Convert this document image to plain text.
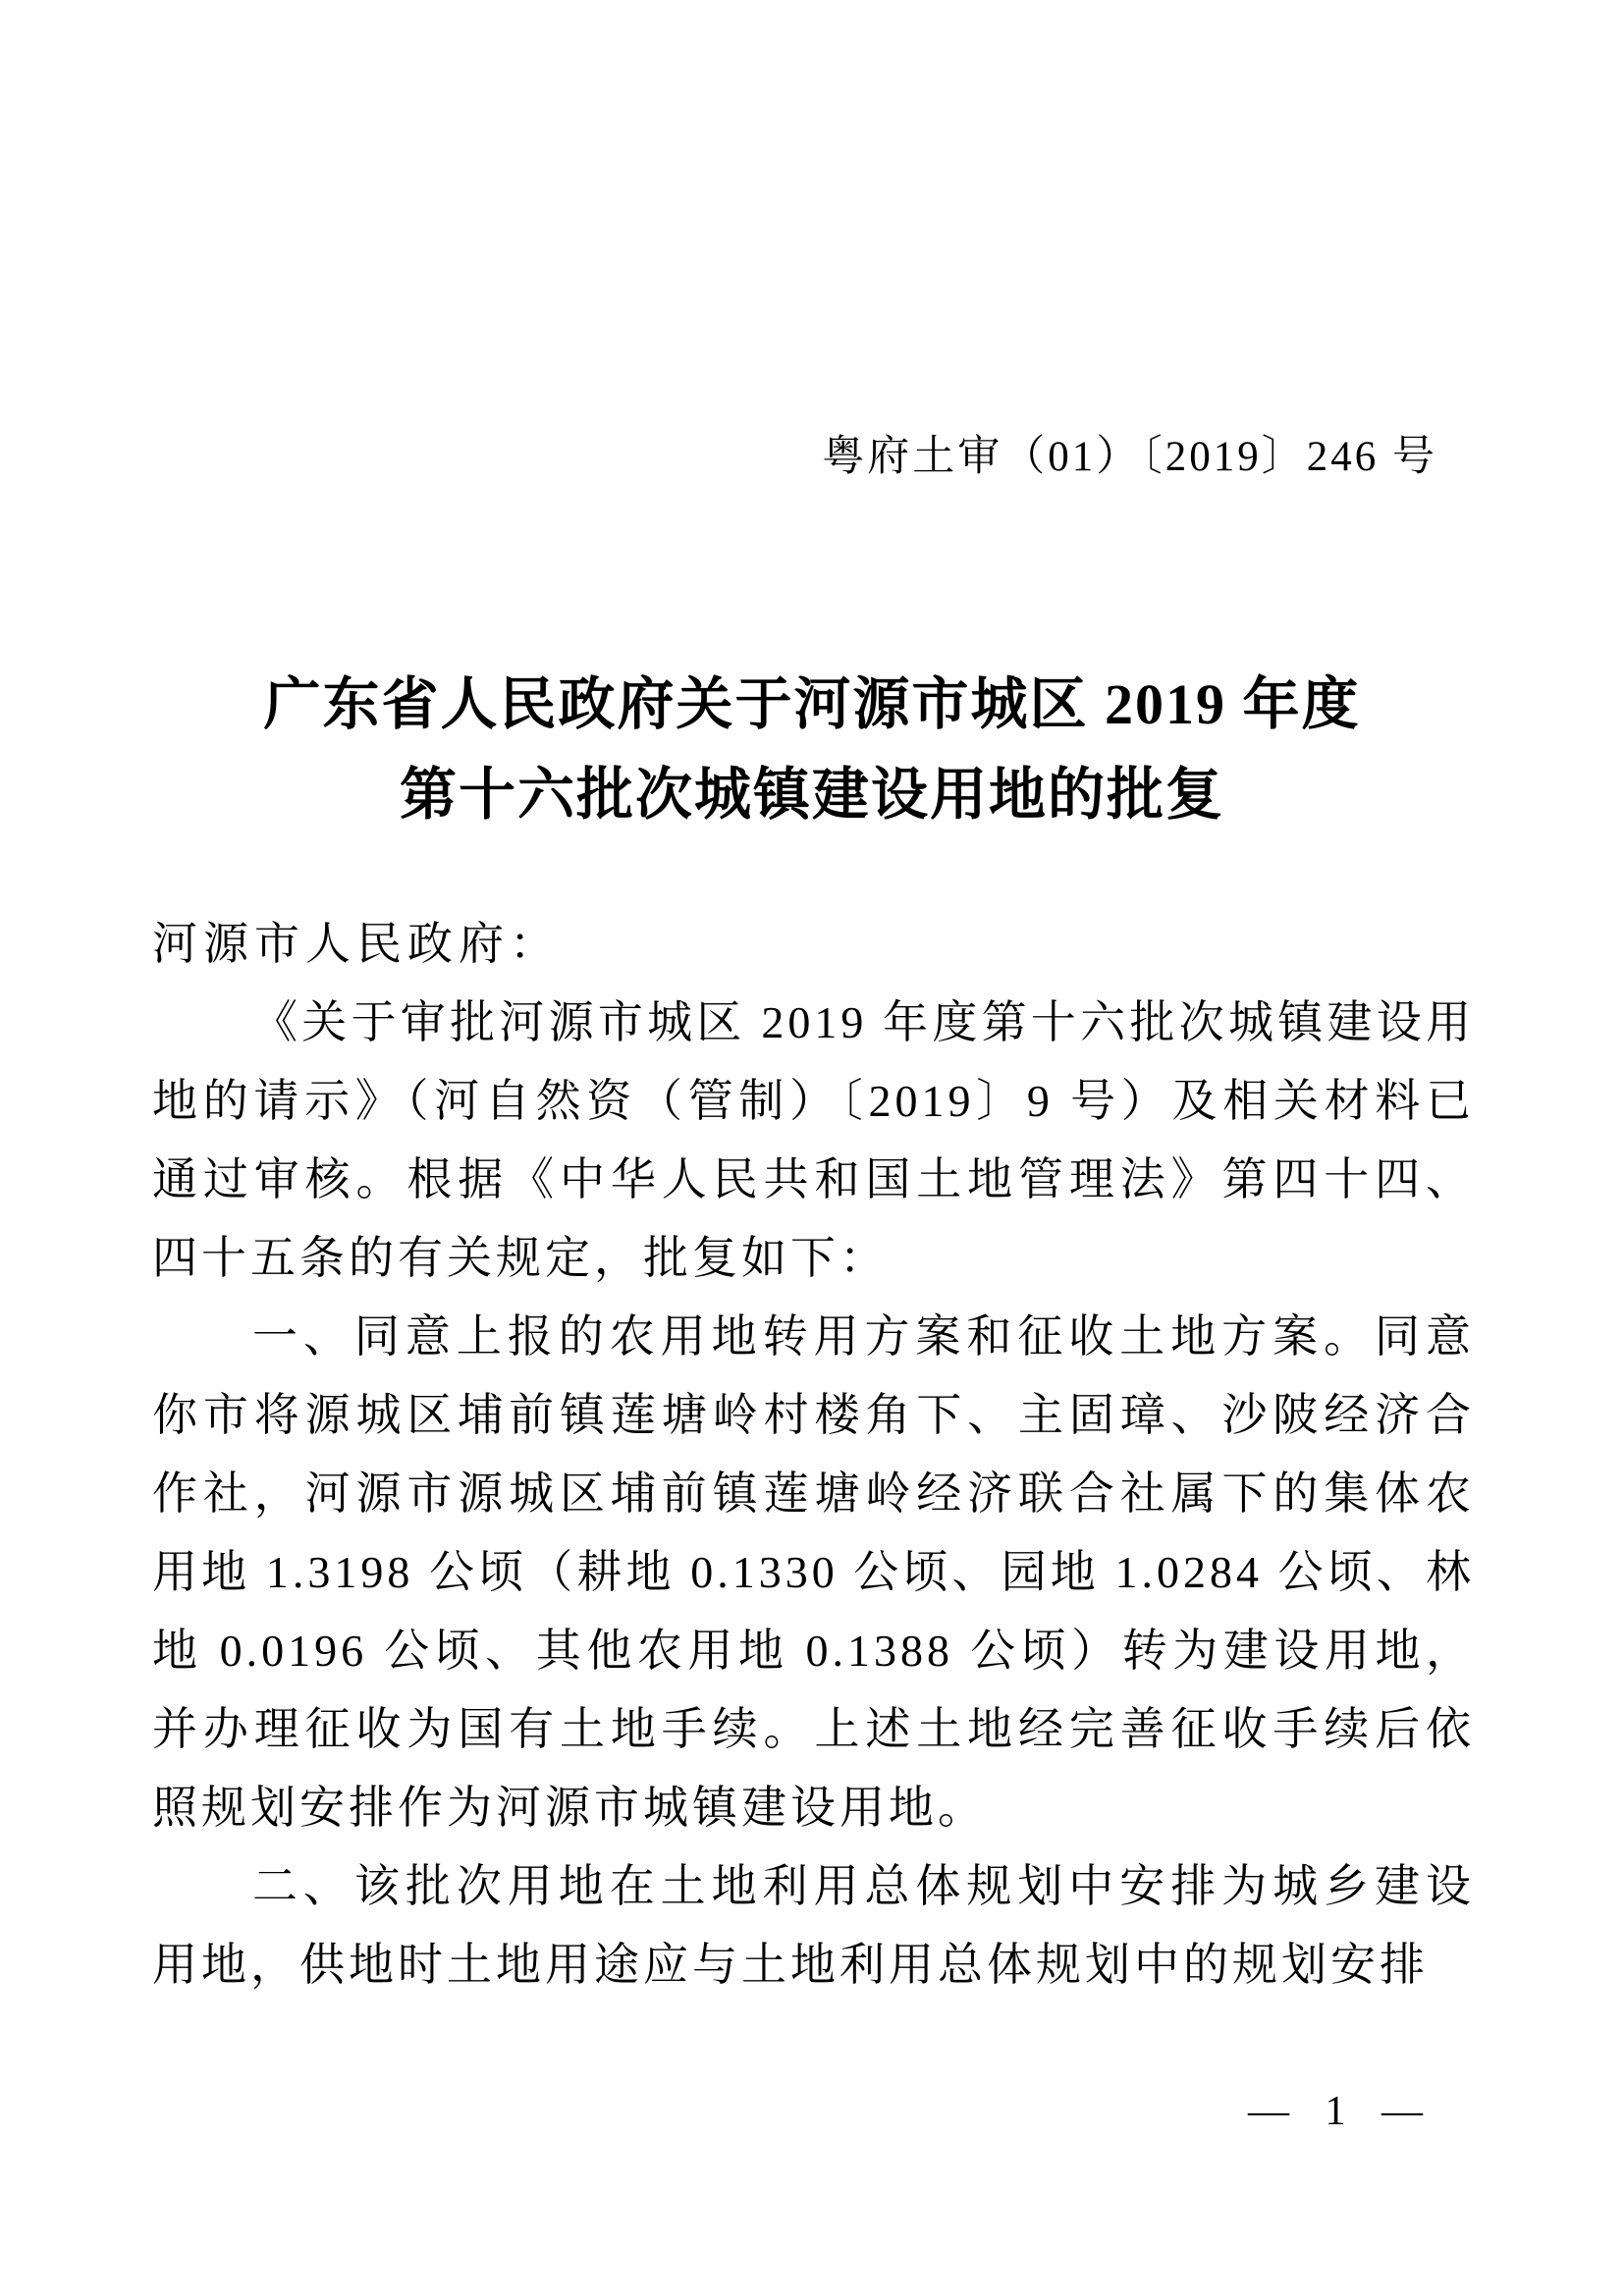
粤府土审（01）〔2019〕246 号
广东省人民政府关于河源市城区 2019 年度
第十六批次城镇建设用地的批复
河源市人民政府：

《关于审批河源市城区 2019 年度第十六批次城镇建设用地的请示》（河自然资（管制）〔2019〕9 号）及相关材料已通过审核。根据《中华人民共和国土地管理法》第四十四、四十五条的有关规定，批复如下：

一、同意上报的农用地转用方案和征收土地方案。同意你市将源城区埔前镇莲塘岭村楼角下、主固璋、沙陂经济合作社，河源市源城区埔前镇莲塘岭经济联合社属下的集体农用地 1.3198 公顷（耕地 0.1330 公顷、园地 1.0284 公顷、林地 0.0196 公顷、其他农用地 0.1388 公顷）转为建设用地，并办理征收为国有土地手续。上述土地经完善征收手续后依照规划安排作为河源市城镇建设用地。

二、该批次用地在土地利用总体规划中安排为城乡建设用地，供地时土地用途应与土地利用总体规划中的规划安排

— 1 —
